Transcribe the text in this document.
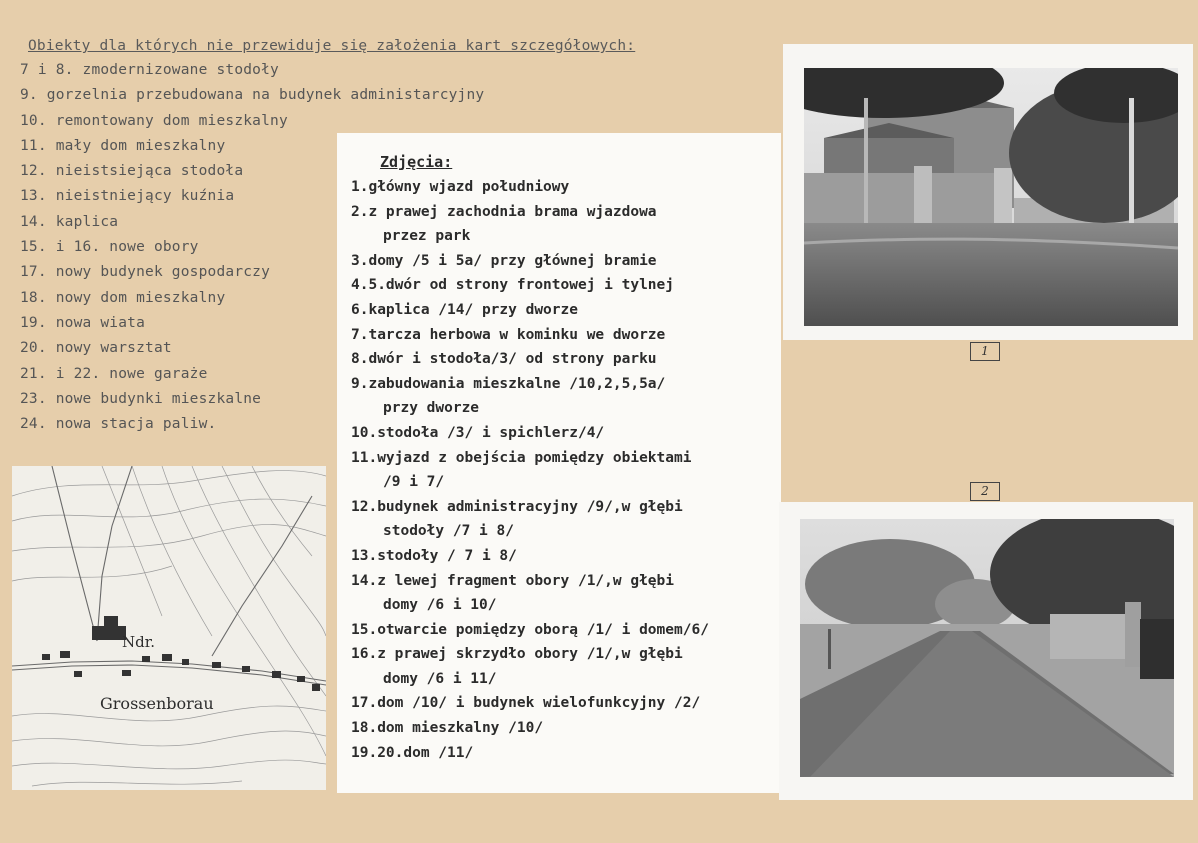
Obiekty dla których nie przewiduje się założenia kart szczegółowych:
7 i 8. zmodernizowane stodoły
9. gorzelnia przebudowana na budynek administarcyjny
10. remontowany dom mieszkalny
11. mały dom mieszkalny
12. nieistsiejąca stodoła
13. nieistniejący kuźnia
14. kaplica
15. i 16. nowe obory
17. nowy budynek gospodarczy
18. nowy dom mieszkalny
19. nowa wiata
20. nowy warsztat
21. i 22. nowe garaże
23. nowe budynki mieszkalne
24. nowa stacja paliw.
Ndr.
Grossenborau
Zdjęcia:
1.główny wjazd południowy
2.z prawej zachodnia brama wjazdowa
przez park
3.domy /5 i 5a/ przy głównej bramie
4.5.dwór od strony frontowej i tylnej
6.kaplica /14/ przy dworze
7.tarcza herbowa w kominku we dworze
8.dwór i stodoła/3/ od strony parku
9.zabudowania mieszkalne /10,2,5,5a/
przy dworze
10.stodoła /3/ i spichlerz/4/
11.wyjazd z obejścia pomiędzy obiektami
/9 i 7/
12.budynek administracyjny /9/,w głębi
stodoły /7 i 8/
13.stodoły / 7 i 8/
14.z lewej fragment obory /1/,w głębi
domy /6 i 10/
15.otwarcie pomiędzy oborą /1/ i domem/6/
16.z prawej skrzydło obory /1/,w głębi
domy /6 i 11/
17.dom /10/ i budynek wielofunkcyjny /2/
18.dom mieszkalny /10/
19.20.dom /11/
1
2
